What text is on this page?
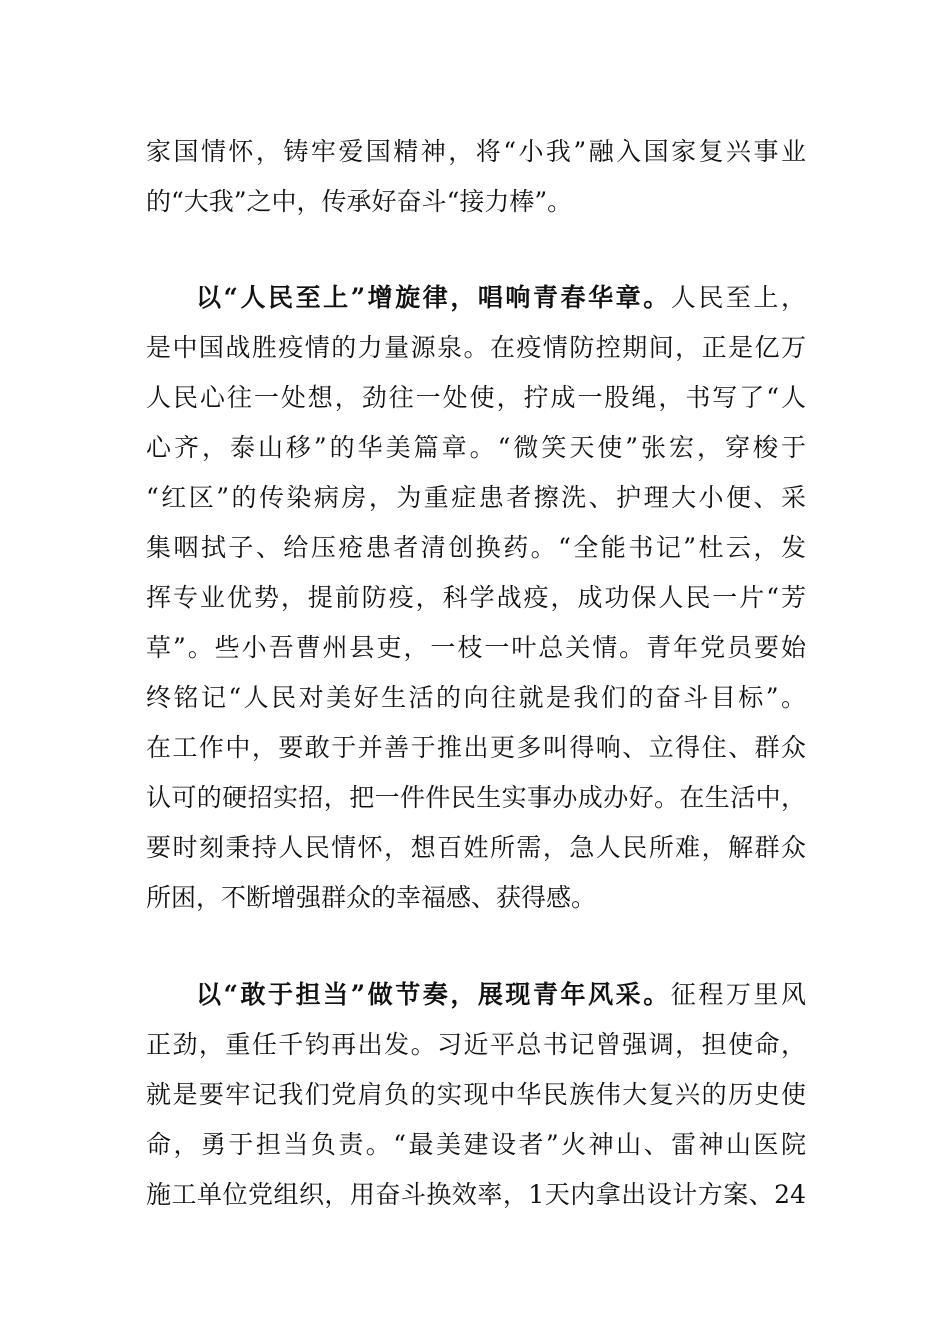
家国情怀，铸牢爱国精神，将“小我”融入国家复兴事业
的“大我”之中，传承好奋斗“接力棒”。
以“人民至上”增旋律，唱响青春华章。人民至上，
是中国战胜疫情的力量源泉。在疫情防控期间，正是亿万
人民心往一处想，劲往一处使，拧成一股绳，书写了“人
心齐，泰山移”的华美篇章。“微笑天使”张宏，穿梭于
“红区”的传染病房，为重症患者擦洗、护理大小便、采
集咽拭子、给压疮患者清创换药。“全能书记”杜云，发
挥专业优势，提前防疫，科学战疫，成功保人民一片“芳
草”。些小吾曹州县吏，一枝一叶总关情。青年党员要始
终铭记“人民对美好生活的向往就是我们的奋斗目标”。
在工作中，要敢于并善于推出更多叫得响、立得住、群众
认可的硬招实招，把一件件民生实事办成办好。在生活中，
要时刻秉持人民情怀，想百姓所需，急人民所难，解群众
所困，不断增强群众的幸福感、获得感。
以“敢于担当”做节奏，展现青年风采。征程万里风
正劲，重任千钧再出发。习近平总书记曾强调，担使命，
就是要牢记我们党肩负的实现中华民族伟大复兴的历史使
命，勇于担当负责。“最美建设者”火神山、雷神山医院
施工单位党组织，用奋斗换效率，1天内拿出设计方案、24
